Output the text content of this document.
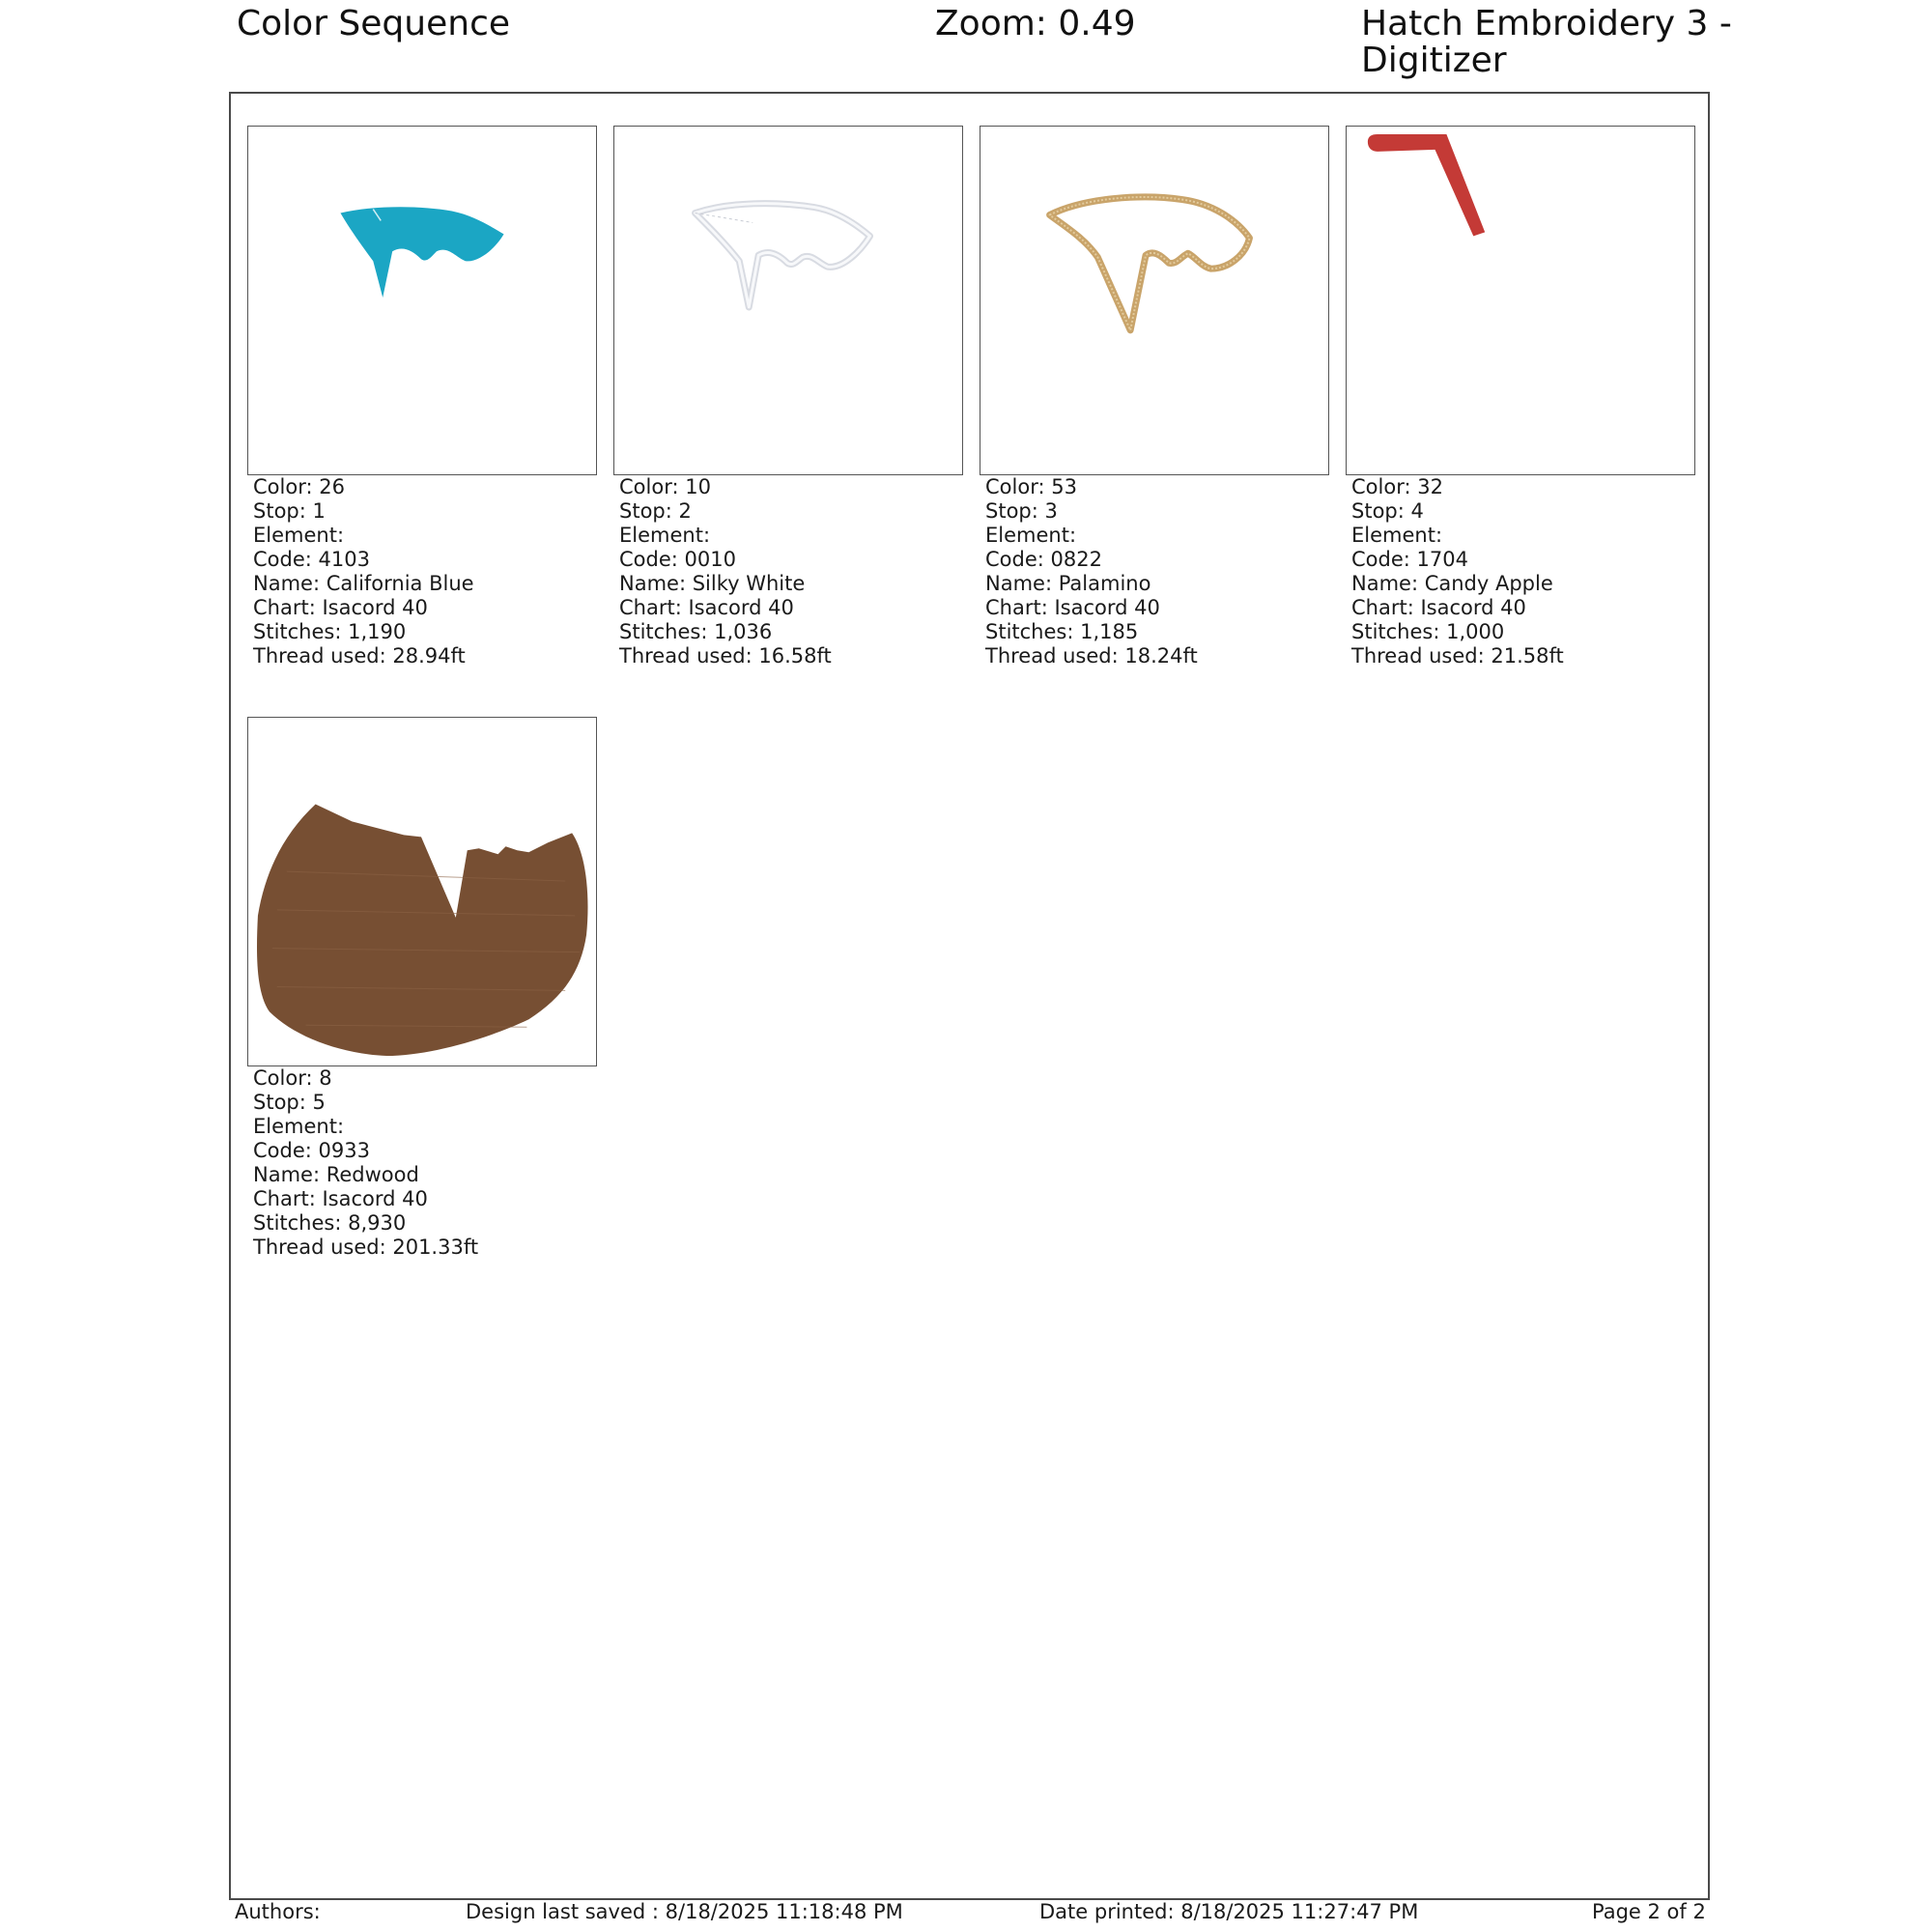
Color Sequence	Zoom: 0.49	Hatch Embroidery 3 - Digitizer
Color: 26
Stop: 1
Element:
Code: 4103
Name: California Blue
Chart: Isacord 40
Stitches: 1,190
Thread used: 28.94ft
Color: 10
Stop: 2
Element:
Code: 0010
Name: Silky White
Chart: Isacord 40
Stitches: 1,036
Thread used: 16.58ft
Color: 53
Stop: 3
Element:
Code: 0822
Name: Palamino
Chart: Isacord 40
Stitches: 1,185
Thread used: 18.24ft
Color: 32
Stop: 4
Element:
Code: 1704
Name: Candy Apple
Chart: Isacord 40
Stitches: 1,000
Thread used: 21.58ft
Color: 8
Stop: 5
Element:
Code: 0933
Name: Redwood
Chart: Isacord 40
Stitches: 8,930
Thread used: 201.33ft
Authors:	Design last saved : 8/18/2025 11:18:48 PM	Date printed: 8/18/2025 11:27:47 PM	Page 2 of 2
